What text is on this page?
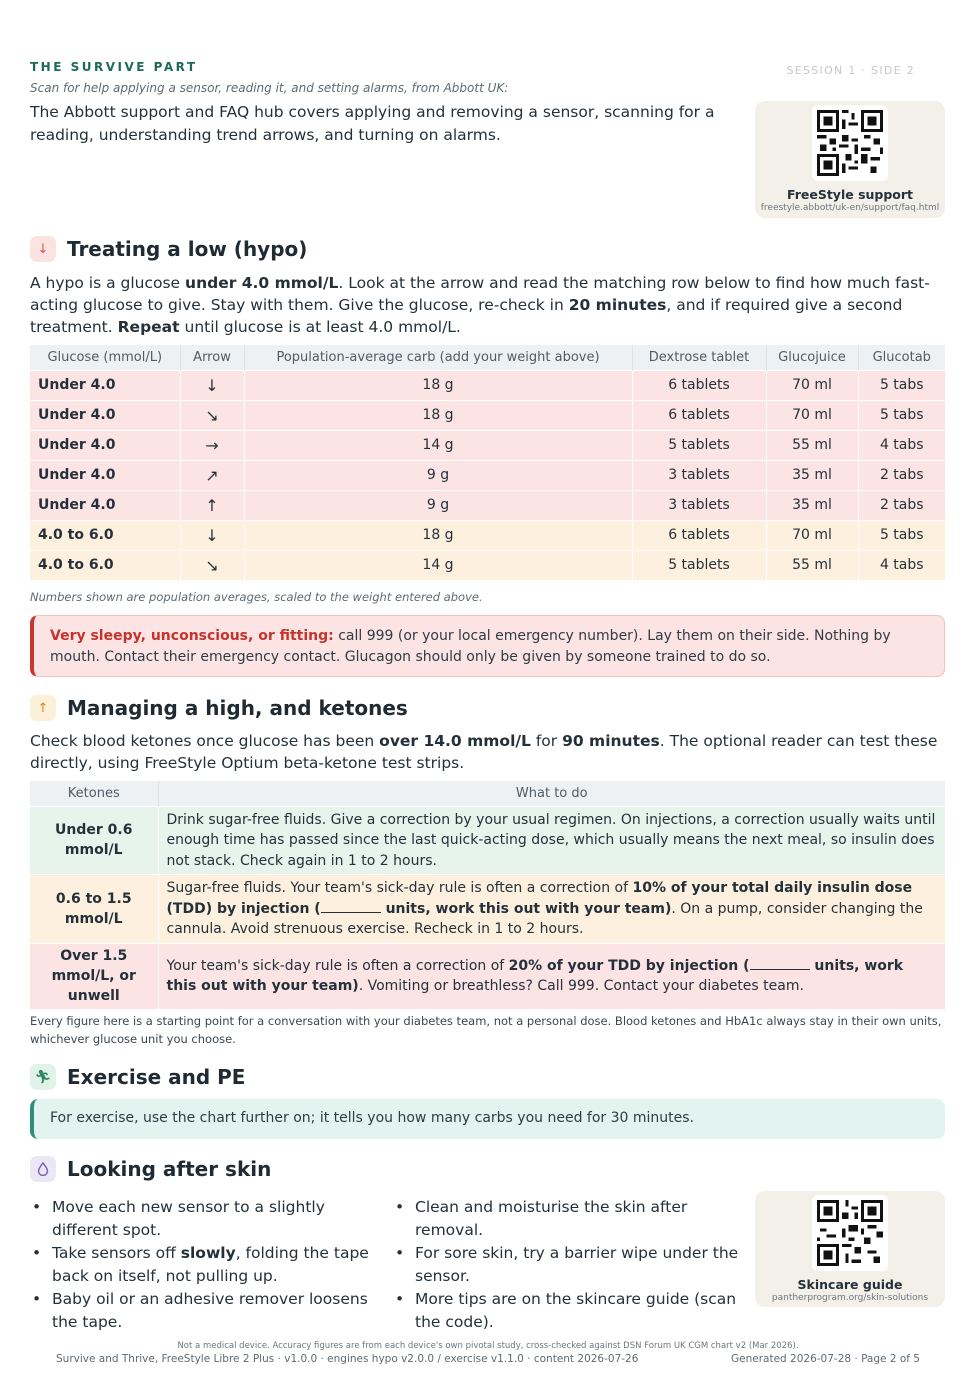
THE SURVIVE PART	SESSION 1 · SIDE 2
Scan for help applying a sensor, reading it, and setting alarms, from Abbott UK:
The Abbott support and FAQ hub covers applying and removing a sensor, scanning for a reading, understanding trend arrows, and turning on alarms.
FreeStyle support
freestyle.abbott/uk-en/support/faq.html
↓ Treating a low (hypo)
A hypo is a glucose under 4.0 mmol/L. Look at the arrow and read the matching row below to find how much fast-acting glucose to give. Stay with them. Give the glucose, re-check in 20 minutes, and if required give a second treatment. Repeat until glucose is at least 4.0 mmol/L.
Glucose (mmol/L)	Arrow	Population-average carb (add your weight above)	Dextrose tablet	Glucojuice	Glucotab
Under 4.0	↓	18 g	6 tablets	70 ml	5 tabs
Under 4.0	↘	18 g	6 tablets	70 ml	5 tabs
Under 4.0	→	14 g	5 tablets	55 ml	4 tabs
Under 4.0	↗	9 g	3 tablets	35 ml	2 tabs
Under 4.0	↑	9 g	3 tablets	35 ml	2 tabs
4.0 to 6.0	↓	18 g	6 tablets	70 ml	5 tabs
4.0 to 6.0	↘	14 g	5 tablets	55 ml	4 tabs
Numbers shown are population averages, scaled to the weight entered above.
Very sleepy, unconscious, or fitting: call 999 (or your local emergency number). Lay them on their side. Nothing by mouth. Contact their emergency contact. Glucagon should only be given by someone trained to do so.
↑ Managing a high, and ketones
Check blood ketones once glucose has been over 14.0 mmol/L for 90 minutes. The optional reader can test these directly, using FreeStyle Optium beta-ketone test strips.
Ketones	What to do
Under 0.6 mmol/L	Drink sugar-free fluids. Give a correction by your usual regimen. On injections, a correction usually waits until enough time has passed since the last quick-acting dose, which usually means the next meal, so insulin does not stack. Check again in 1 to 2 hours.
0.6 to 1.5 mmol/L	Sugar-free fluids. Your team's sick-day rule is often a correction of 10% of your total daily insulin dose (TDD) by injection ( units, work this out with your team). On a pump, consider changing the cannula. Avoid strenuous exercise. Recheck in 1 to 2 hours.
Over 1.5 mmol/L, or unwell	Your team's sick-day rule is often a correction of 20% of your TDD by injection ( units, work this out with your team). Vomiting or breathless? Call 999. Contact your diabetes team.
Every figure here is a starting point for a conversation with your diabetes team, not a personal dose. Blood ketones and HbA1c always stay in their own units, whichever glucose unit you choose.
🏃︎ Exercise and PE
For exercise, use the chart further on; it tells you how many carbs you need for 30 minutes.
Looking after skin
• Move each new sensor to a slightly different spot.
• Take sensors off slowly, folding the tape back on itself, not pulling up.
• Baby oil or an adhesive remover loosens the tape.
• Clean and moisturise the skin after removal.
• For sore skin, try a barrier wipe under the sensor.
• More tips are on the skincare guide (scan the code).
Skincare guide
pantherprogram.org/skin-solutions
Not a medical device. Accuracy figures are from each device's own pivotal study, cross-checked against DSN Forum UK CGM chart v2 (Mar 2026).
Survive and Thrive, FreeStyle Libre 2 Plus · v1.0.0 · engines hypo v2.0.0 / exercise v1.1.0 · content 2026-07-26	Generated 2026-07-28 · Page 2 of 5
